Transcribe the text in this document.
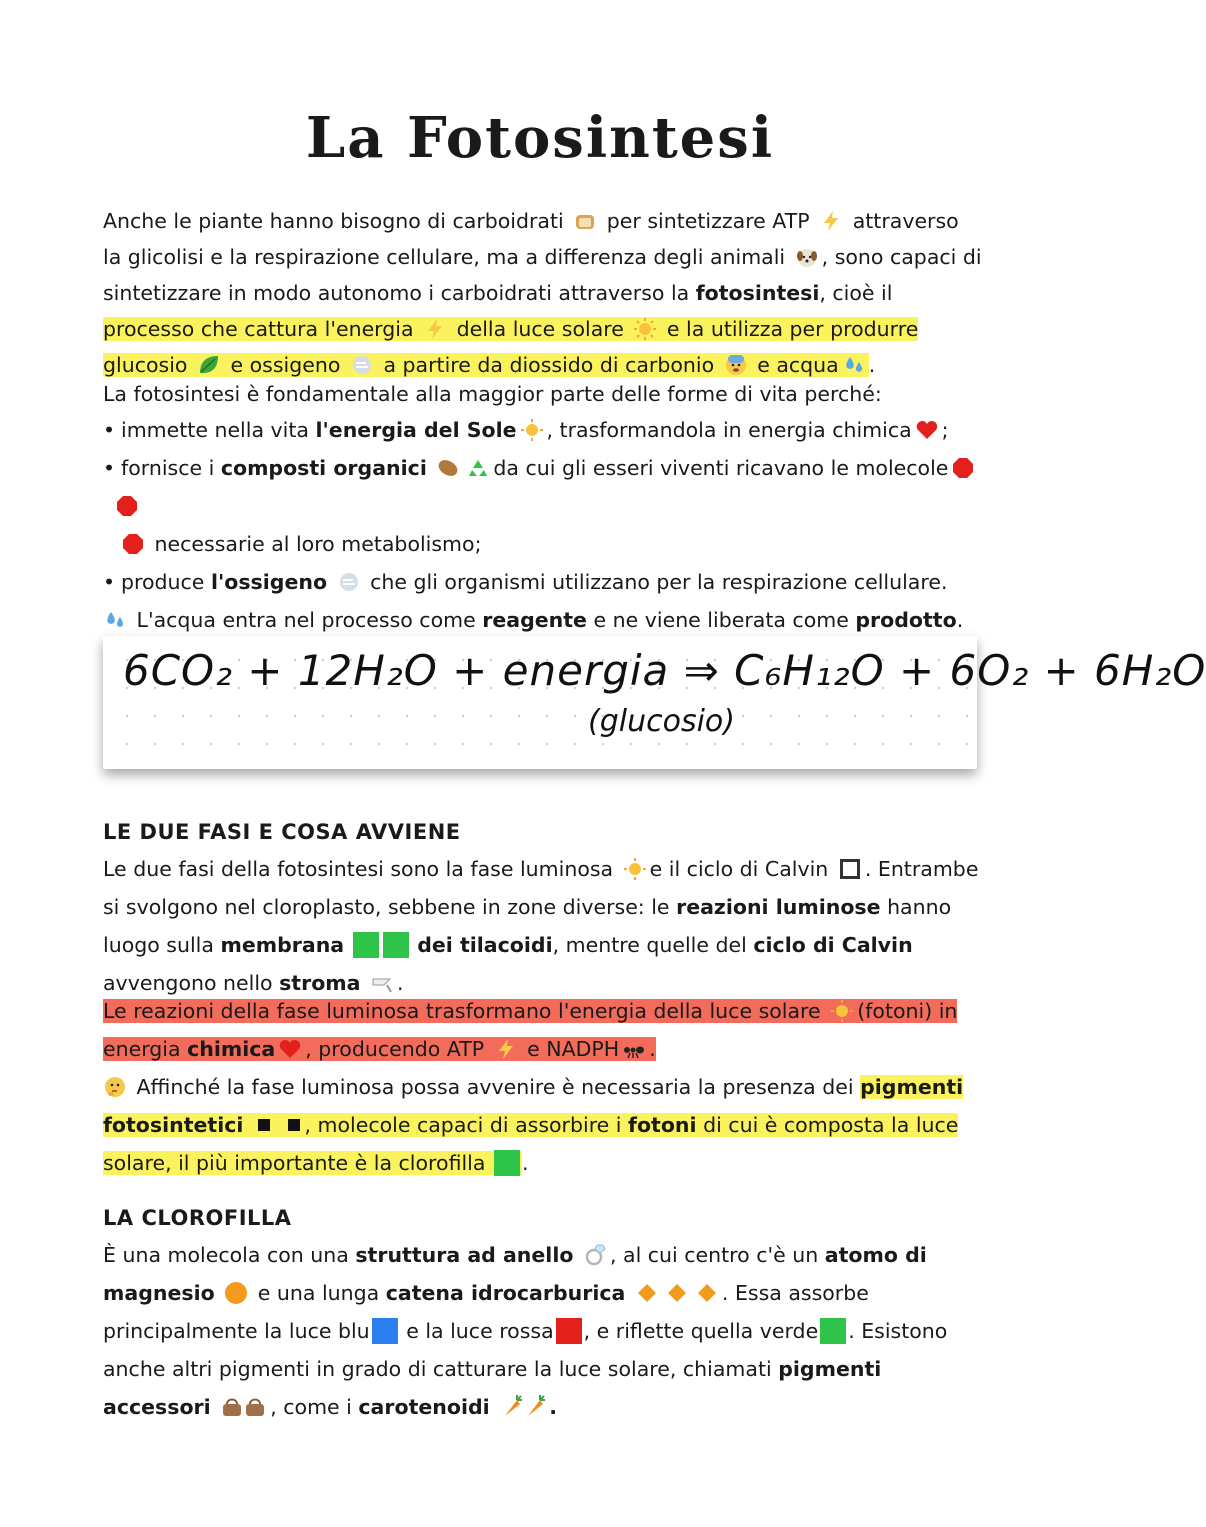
La Fotosintesi
Anche le piante hanno bisogno di carboidrati per sintetizzare ATP attraverso la glicolisi e la respirazione cellulare, ma a differenza degli animali , sono capaci di sintetizzare in modo autonomo i carboidrati attraverso la fotosintesi, cioè il processo che cattura l'energia della luce solare e la utilizza per produrre glucosio e ossigeno a partire da diossido di carbonio e acqua .
La fotosintesi è fondamentale alla maggior parte delle forme di vita perché:
• immette nella vita l'energia del Sole , trasformandola in energia chimica ;
• fornisce i composti organici	da cui gli esseri viventi ricavano le molecole
necessarie al loro metabolismo;
• produce l'ossigeno che gli organismi utilizzano per la respirazione cellulare.
L'acqua entra nel processo come reagente e ne viene liberata come prodotto.
6CO₂ + 12H₂O + energia ⇒ C₆H₁₂O + 6O₂ + 6H₂O
(glucosio)
LE DUE FASI E COSA AVVIENE
Le due fasi della fotosintesi sono la fase luminosa e il ciclo di Calvin . Entrambe si svolgono nel cloroplasto, sebbene in zone diverse: le reazioni luminose hanno luogo sulla membrana	dei tilacoidi, mentre quelle del ciclo di Calvin avvengono nello stroma .
Le reazioni della fase luminosa trasformano l'energia della luce solare (fotoni) in energia chimica , producendo ATP e NADPH .
Affinché la fase luminosa possa avvenire è necessaria la presenza dei pigmenti fotosintetici	, molecole capaci di assorbire i fotoni di cui è composta la luce solare, il più importante è la clorofilla .
LA CLOROFILLA
È una molecola con una struttura ad anello , al cui centro c'è un atomo di magnesio e una lunga catena idrocarburica	. Essa assorbe principalmente la luce blu e la luce rossa , e riflette quella verde . Esistono anche altri pigmenti in grado di catturare la luce solare, chiamati pigmenti accessori	, come i carotenoidi	.
